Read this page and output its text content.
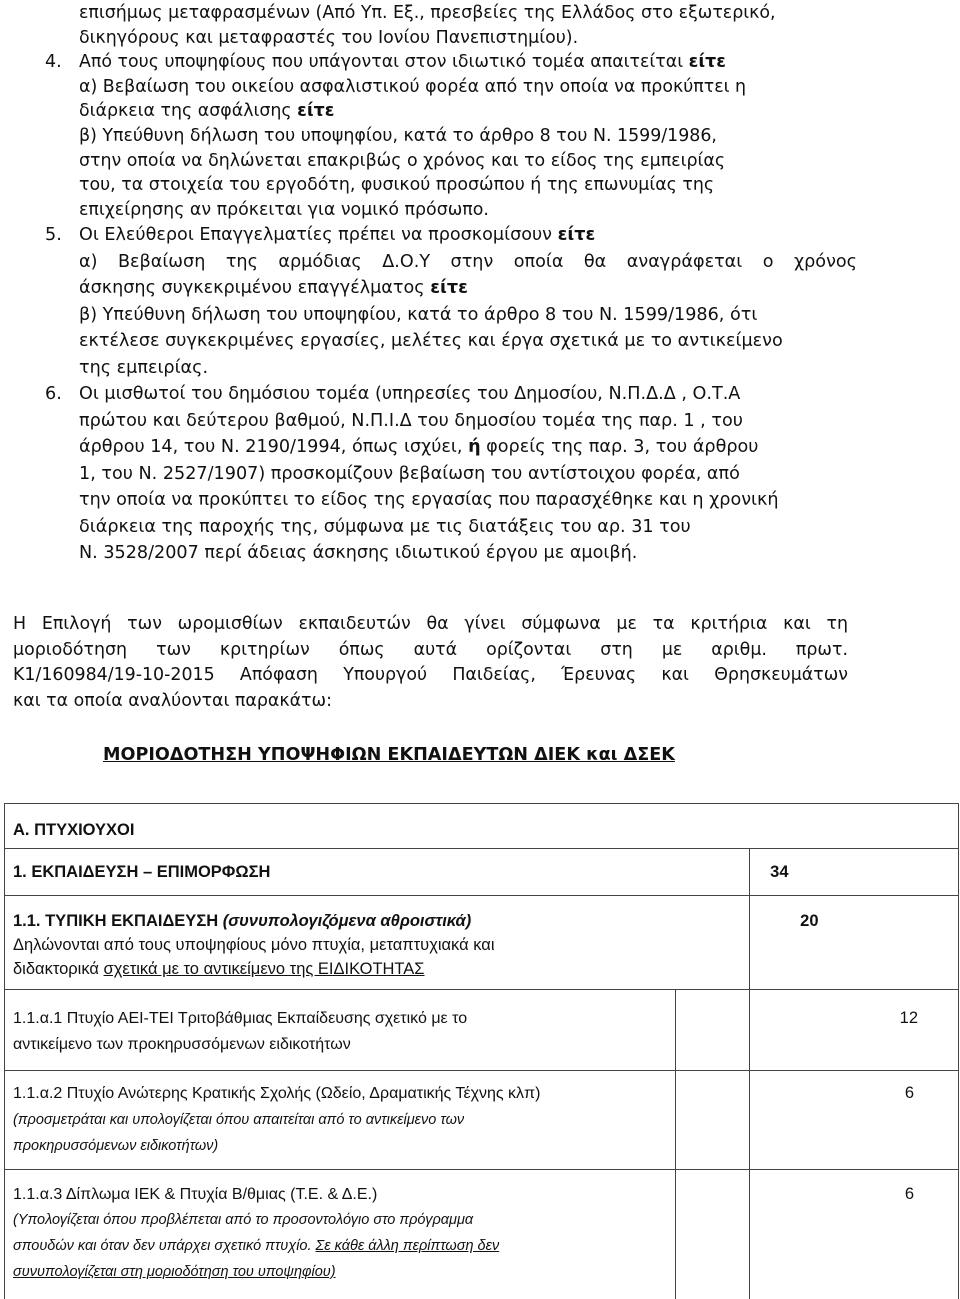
επισήμως μεταφρασμένων (Από Υπ. Εξ., πρεσβείες της Ελλάδος στο εξωτερικό,
δικηγόρους και μεταφραστές του Ιονίου Πανεπιστημίου).

4. Από τους υποψηφίους που υπάγονται στον ιδιωτικό τομέα απαιτείται είτε
α) Βεβαίωση του οικείου ασφαλιστικού φορέα από την οποία να προκύπτει η
διάρκεια της ασφάλισης είτε
β) Υπεύθυνη δήλωση του υποψηφίου, κατά το άρθρο 8 του Ν. 1599/1986,
στην οποία να δηλώνεται επακριβώς ο χρόνος και το είδος της εμπειρίας
του, τα στοιχεία του εργοδότη, φυσικού προσώπου ή της επωνυμίας της
επιχείρησης αν πρόκειται για νομικό πρόσωπο.

5. Οι Ελεύθεροι Επαγγελματίες πρέπει να προσκομίσουν είτε
α) Βεβαίωση της αρμόδιας Δ.Ο.Υ στην οποία θα αναγράφεται ο χρόνος
άσκησης συγκεκριμένου επαγγέλματος είτε
β) Υπεύθυνη δήλωση του υποψηφίου, κατά το άρθρο 8 του Ν. 1599/1986, ότι
εκτέλεσε συγκεκριμένες εργασίες, μελέτες και έργα σχετικά με το αντικείμενο
της εμπειρίας.

6. Οι μισθωτοί του δημόσιου τομέα (υπηρεσίες του Δημοσίου, Ν.Π.Δ.Δ , Ο.Τ.Α
πρώτου και δεύτερου βαθμού, Ν.Π.Ι.Δ του δημοσίου τομέα της παρ. 1 , του
άρθρου 14, του Ν. 2190/1994, όπως ισχύει, ή φορείς της παρ. 3, του άρθρου
1, του Ν. 2527/1907) προσκομίζουν βεβαίωση του αντίστοιχου φορέα, από
την οποία να προκύπτει το είδος της εργασίας που παρασχέθηκε και η χρονική
διάρκεια της παροχής της, σύμφωνα με τις διατάξεις του αρ. 31 του
Ν. 3528/2007 περί άδειας άσκησης ιδιωτικού έργου με αμοιβή.

Η Επιλογή των ωρομισθίων εκπαιδευτών θα γίνει σύμφωνα με τα κριτήρια και τη

μοριοδότηση των κριτηρίων όπως αυτά ορίζονται στη με αριθμ. πρωτ.

Κ1/160984/19-10-2015 Απόφαση Υπουργού Παιδείας, Έρευνας και Θρησκευμάτων

και τα οποία αναλύονται παρακάτω:

ΜΟΡΙΟΔΟΤΗΣΗ ΥΠΟΨΗΦΙΩΝ ΕΚΠΑΙΔΕΥΤΩΝ ΔΙΕΚ και ΔΣΕΚ
Α. ΠΤΥΧΙΟΥΧΟΙ		
1. ΕΚΠΑΙΔΕΥΣΗ – ΕΠΙΜΟΡΦΩΣΗ		34
1.1. ΤΥΠΙΚΗ ΕΚΠΑΙΔΕΥΣΗ (συνυπολογιζόμενα αθροιστικά)
Δηλώνονται από τους υποψηφίους μόνο πτυχία, μεταπτυχιακά και
διδακτορικά σχετικά με το αντικείμενο της ΕΙΔΙΚΟΤΗΤΑΣ		20
1.1.α.1 Πτυχίο ΑΕΙ-ΤΕΙ Τριτοβάθμιας Εκπαίδευσης σχετικό με το
αντικείμενο των προκηρυσσόμενων ειδικοτήτων		12
1.1.α.2 Πτυχίο Ανώτερης Κρατικής Σχολής (Ωδείο, Δραματικής Τέχνης κλπ)
(προσμετράται και υπολογίζεται όπου απαιτείται από το αντικείμενο των
προκηρυσσόμενων ειδικοτήτων)		6
1.1.α.3 Δίπλωμα ΙΕΚ & Πτυχία Β/θμιας (Τ.Ε. & Δ.Ε.)
(Υπολογίζεται όπου προβλέπεται από το προσοντολόγιο στο πρόγραμμα
σπουδών και όταν δεν υπάρχει σχετικό πτυχίο. Σε κάθε άλλη περίπτωση δεν
συνυπολογίζεται στη μοριοδότηση του υποψηφίου)		6
